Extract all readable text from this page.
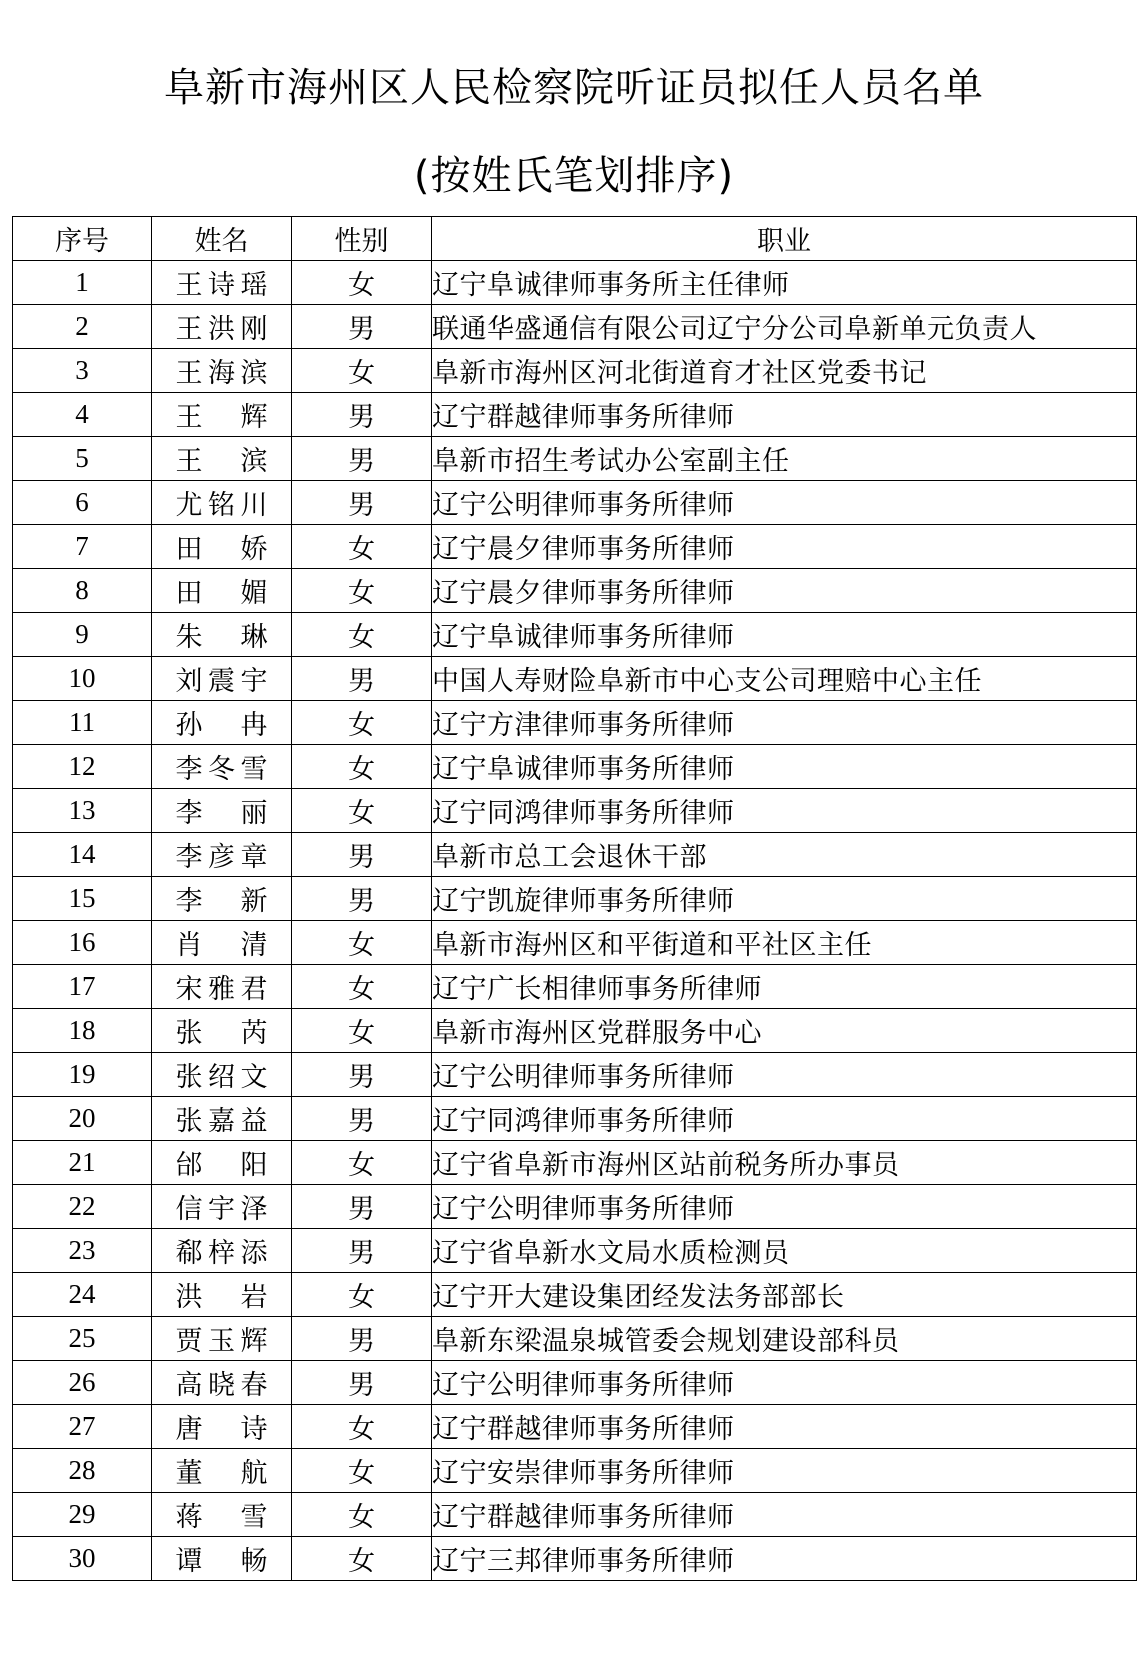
阜新市海州区人民检察院听证员拟任人员名单
(按姓氏笔划排序)
序号	姓名	性别	职业
1	王诗瑶	女	辽宁阜诚律师事务所主任律师
2	王洪刚	男	联通华盛通信有限公司辽宁分公司阜新单元负责人
3	王海滨	女	阜新市海州区河北街道育才社区党委书记
4	王 辉	男	辽宁群越律师事务所律师
5	王 滨	男	阜新市招生考试办公室副主任
6	尤铭川	男	辽宁公明律师事务所律师
7	田 娇	女	辽宁晨夕律师事务所律师
8	田 媚	女	辽宁晨夕律师事务所律师
9	朱 琳	女	辽宁阜诚律师事务所律师
10	刘震宇	男	中国人寿财险阜新市中心支公司理赔中心主任
11	孙 冉	女	辽宁方津律师事务所律师
12	李冬雪	女	辽宁阜诚律师事务所律师
13	李 丽	女	辽宁同鸿律师事务所律师
14	李彦章	男	阜新市总工会退休干部
15	李 新	男	辽宁凯旋律师事务所律师
16	肖 清	女	阜新市海州区和平街道和平社区主任
17	宋雅君	女	辽宁广长相律师事务所律师
18	张 芮	女	阜新市海州区党群服务中心
19	张绍文	男	辽宁公明律师事务所律师
20	张嘉益	男	辽宁同鸿律师事务所律师
21	邰 阳	女	辽宁省阜新市海州区站前税务所办事员
22	信宇泽	男	辽宁公明律师事务所律师
23	郗梓添	男	辽宁省阜新水文局水质检测员
24	洪 岩	女	辽宁开大建设集团经发法务部部长
25	贾玉辉	男	阜新东梁温泉城管委会规划建设部科员
26	高晓春	男	辽宁公明律师事务所律师
27	唐 诗	女	辽宁群越律师事务所律师
28	董 航	女	辽宁安崇律师事务所律师
29	蒋 雪	女	辽宁群越律师事务所律师
30	谭 畅	女	辽宁三邦律师事务所律师
